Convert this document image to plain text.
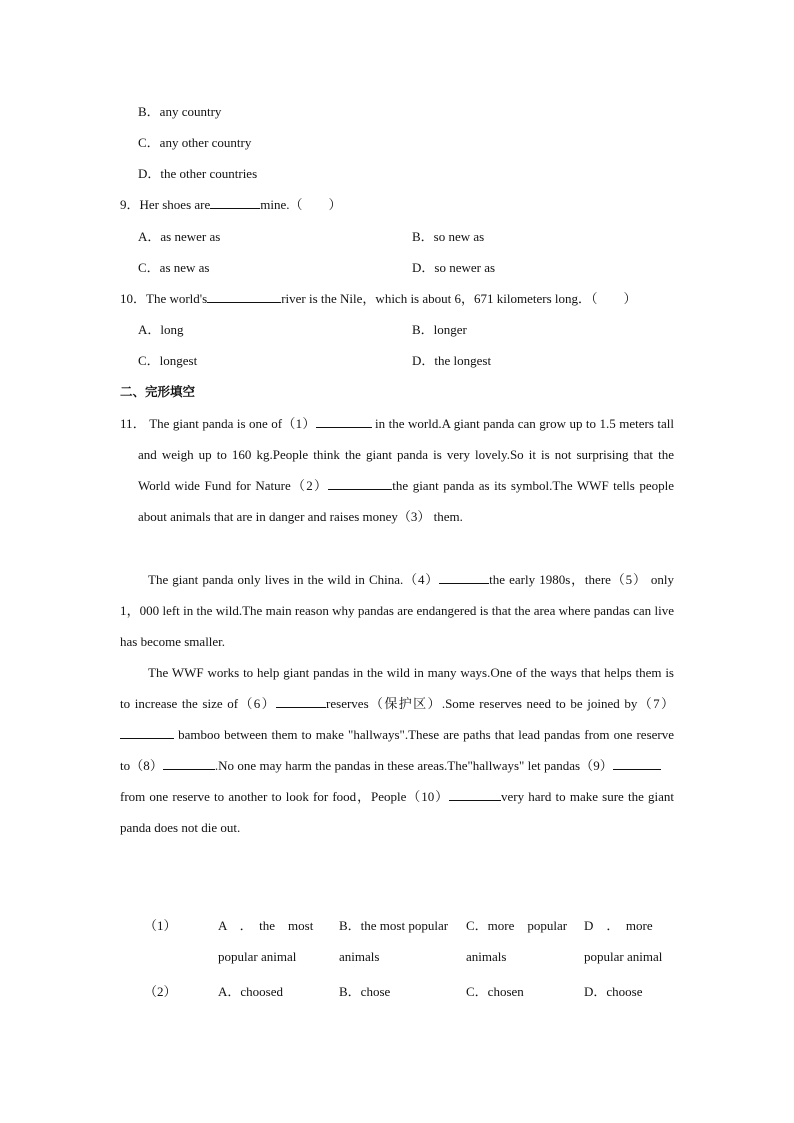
B．any country
C．any other country
D．the other countries
9．Her shoes are	mine.（　　）
A．as newer as	B．so new as
C．as new as	D．so newer as
10．The world's	river is the Nile，which is about 6，671 kilometers long．（　　）
A．long	B．longer
C．longest	D．the longest
二、完形填空
11． The giant panda is one of（1）	in the world.A giant panda can grow up to 1.5 meters tall and weigh up to 160 kg.People think the giant panda is very lovely.So it is not surprising that the World wide Fund for Nature（2）	the giant panda as its symbol.The WWF tells people about animals that are in danger and raises money（3） them.
The giant panda only lives in the wild in China.（4）	the early 1980s，there（5） only 1，000 left in the wild.The main reason why pandas are endangered is that the area where pandas can live has become smaller.
The WWF works to help giant pandas in the wild in many ways.One of the ways that helps them is to increase the size of（6）	reserves（保护区）.Some reserves need to be joined by（7） bamboo between them to make "hallways".These are paths that lead pandas from one reserve to（8）	.No one may harm the pandas in these areas.The"hallways" let pandas（9）	　from one reserve to another to look for food，People（10）	very hard to make sure the giant panda does not die out.
（1）	A　．　the　most
popular animal
B．the most popular
animals
C．more　popular
animals
D　．　more
popular animal
（2）	A．choosed	B．chose	C．chosen	D．choose
